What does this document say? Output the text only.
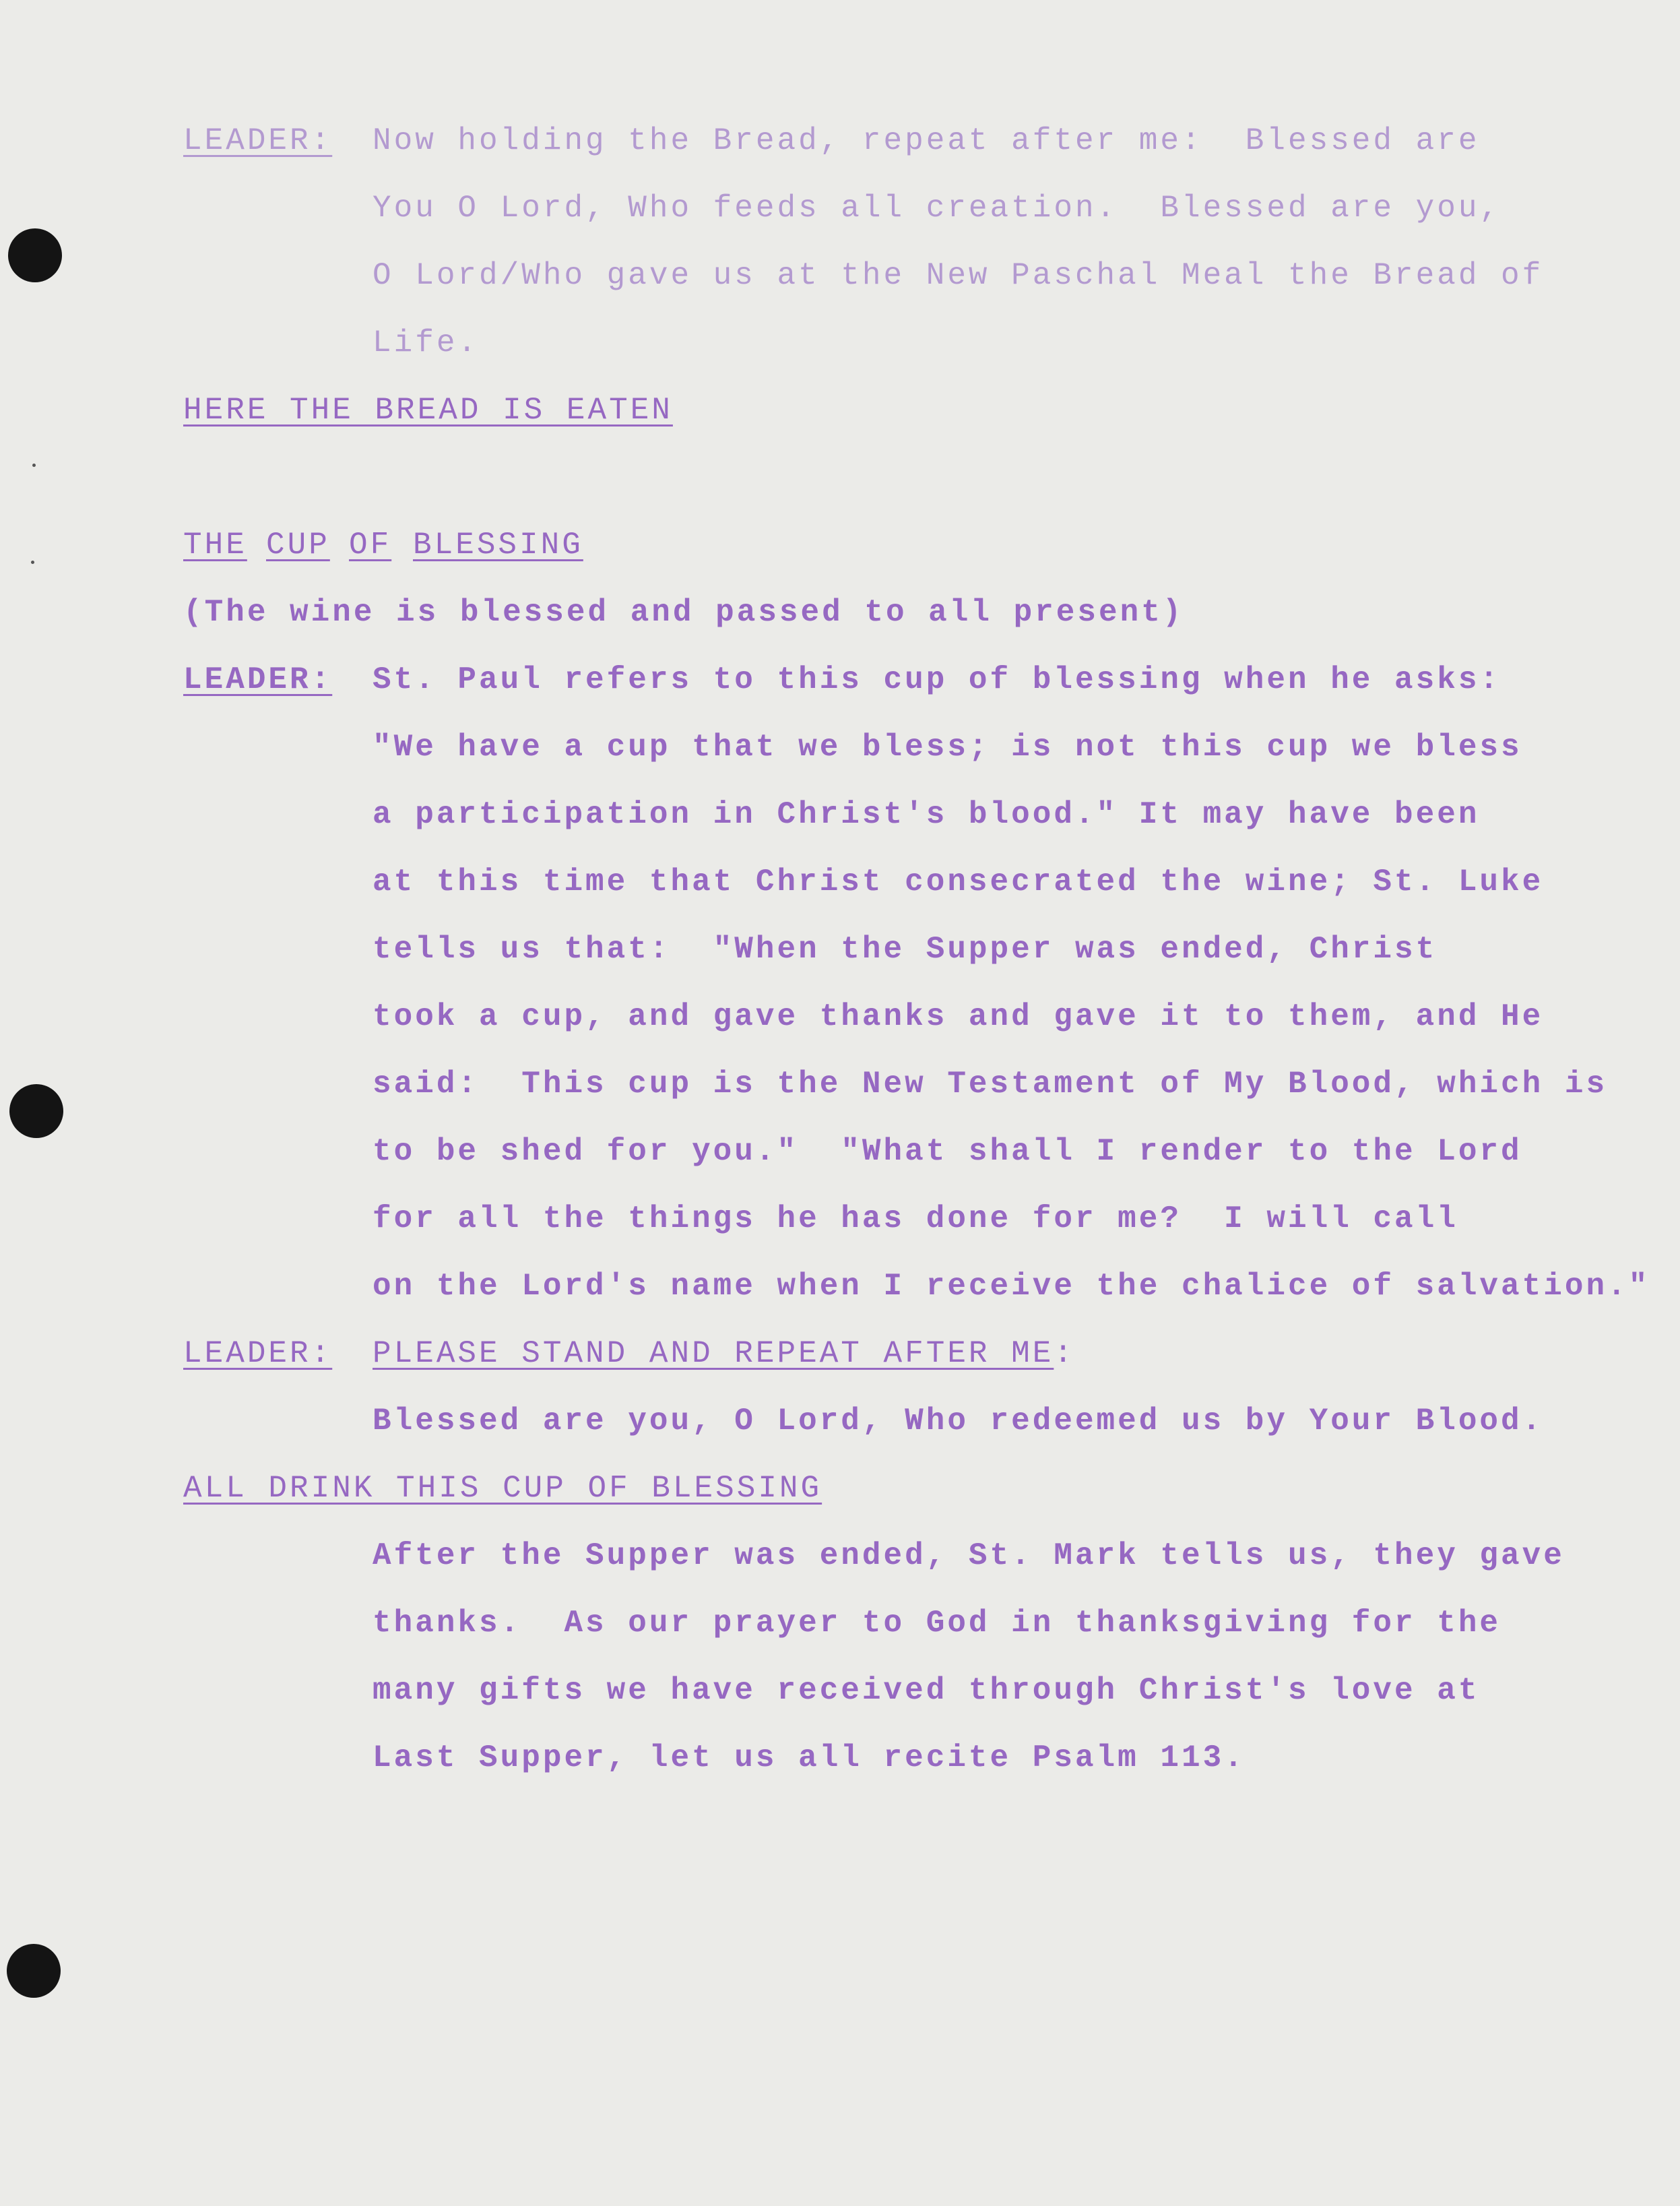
LEADER: Now holding the Bread, repeat after me:  Blessed are
You O Lord, Who feeds all creation.  Blessed are you,
O Lord/Who gave us at the New Paschal Meal the Bread of
Life.
HERE THE BREAD IS EATEN
THE CUP OF BLESSING
(The wine is blessed and passed to all present)
LEADER: St. Paul refers to this cup of blessing when he asks:
"We have a cup that we bless; is not this cup we bless
a participation in Christ's blood." It may have been
at this time that Christ consecrated the wine; St. Luke
tells us that:  "When the Supper was ended, Christ
took a cup, and gave thanks and gave it to them, and He
said:  This cup is the New Testament of My Blood, which is
to be shed for you."  "What shall I render to the Lord
for all the things he has done for me?  I will call
on the Lord's name when I receive the chalice of salvation."
LEADER: PLEASE STAND AND REPEAT AFTER ME:
Blessed are you, O Lord, Who redeemed us by Your Blood.
ALL DRINK THIS CUP OF BLESSING
After the Supper was ended, St. Mark tells us, they gave
thanks.  As our prayer to God in thanksgiving for the
many gifts we have received through Christ's love at
Last Supper, let us all recite Psalm 113.
